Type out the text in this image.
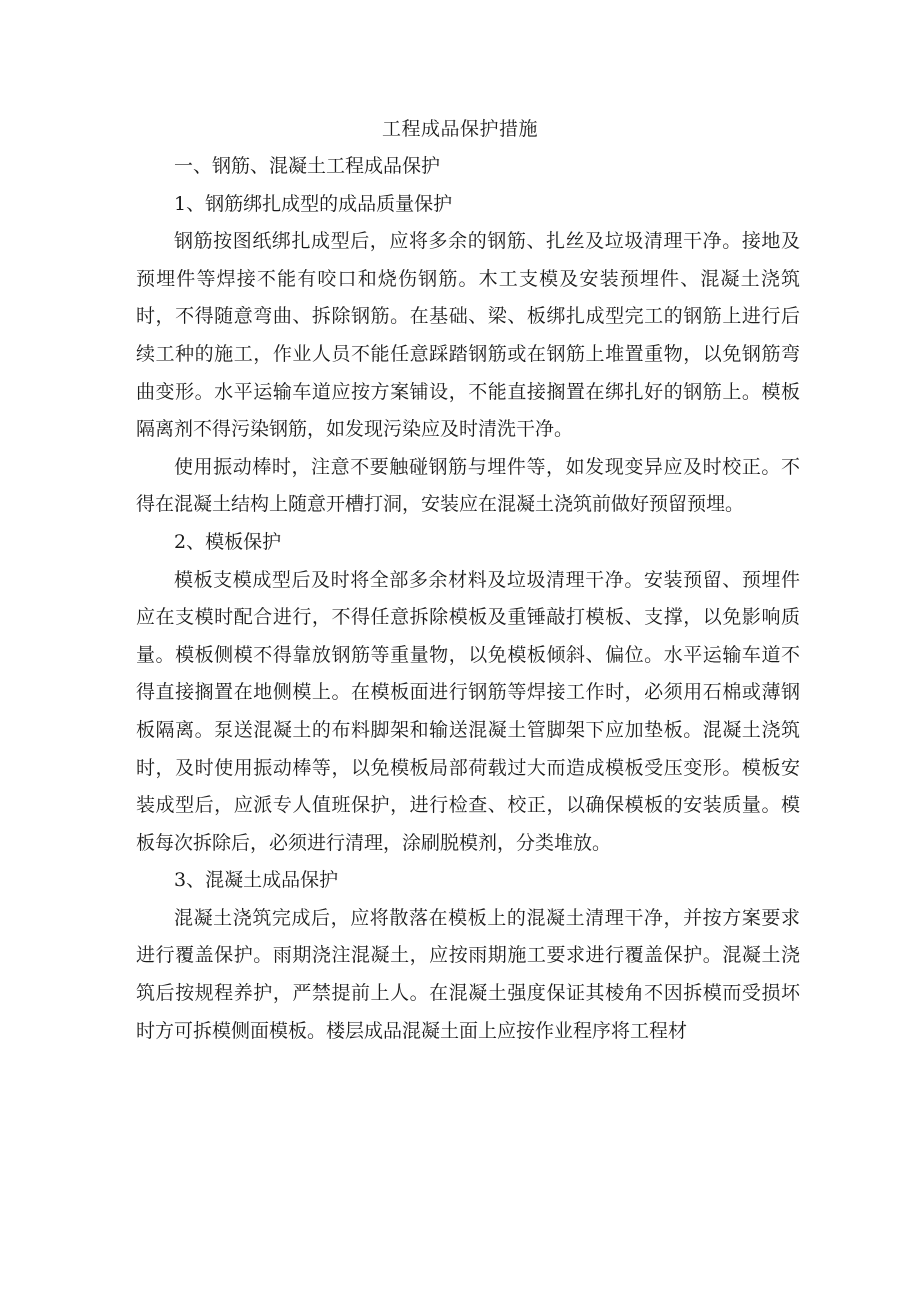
工程成品保护措施

一、钢筋、混凝土工程成品保护

1、钢筋绑扎成型的成品质量保护

钢筋按图纸绑扎成型后，应将多余的钢筋、扎丝及垃圾清理干净。接地及预埋件等焊接不能有咬口和烧伤钢筋。木工支模及安装预埋件、混凝土浇筑时，不得随意弯曲、拆除钢筋。在基础、梁、板绑扎成型完工的钢筋上进行后续工种的施工，作业人员不能任意踩踏钢筋或在钢筋上堆置重物，以免钢筋弯曲变形。水平运输车道应按方案铺设，不能直接搁置在绑扎好的钢筋上。模板隔离剂不得污染钢筋，如发现污染应及时清洗干净。

使用振动棒时，注意不要触碰钢筋与埋件等，如发现变异应及时校正。不得在混凝土结构上随意开槽打洞，安装应在混凝土浇筑前做好预留预埋。

2、模板保护

模板支模成型后及时将全部多余材料及垃圾清理干净。安装预留、预埋件应在支模时配合进行，不得任意拆除模板及重锤敲打模板、支撑，以免影响质量。模板侧模不得靠放钢筋等重量物，以免模板倾斜、偏位。水平运输车道不得直接搁置在地侧模上。在模板面进行钢筋等焊接工作时，必须用石棉或薄钢板隔离。泵送混凝土的布料脚架和输送混凝土管脚架下应加垫板。混凝土浇筑时，及时使用振动棒等，以免模板局部荷载过大而造成模板受压变形。模板安装成型后，应派专人值班保护，进行检查、校正，以确保模板的安装质量。模板每次拆除后，必须进行清理，涂刷脱模剂，分类堆放。

3、混凝土成品保护

混凝土浇筑完成后，应将散落在模板上的混凝土清理干净，并按方案要求进行覆盖保护。雨期浇注混凝土，应按雨期施工要求进行覆盖保护。混凝土浇筑后按规程养护，严禁提前上人。在混凝土强度保证其棱角不因拆模而受损坏时方可拆模侧面模板。楼层成品混凝土面上应按作业程序将工程材
